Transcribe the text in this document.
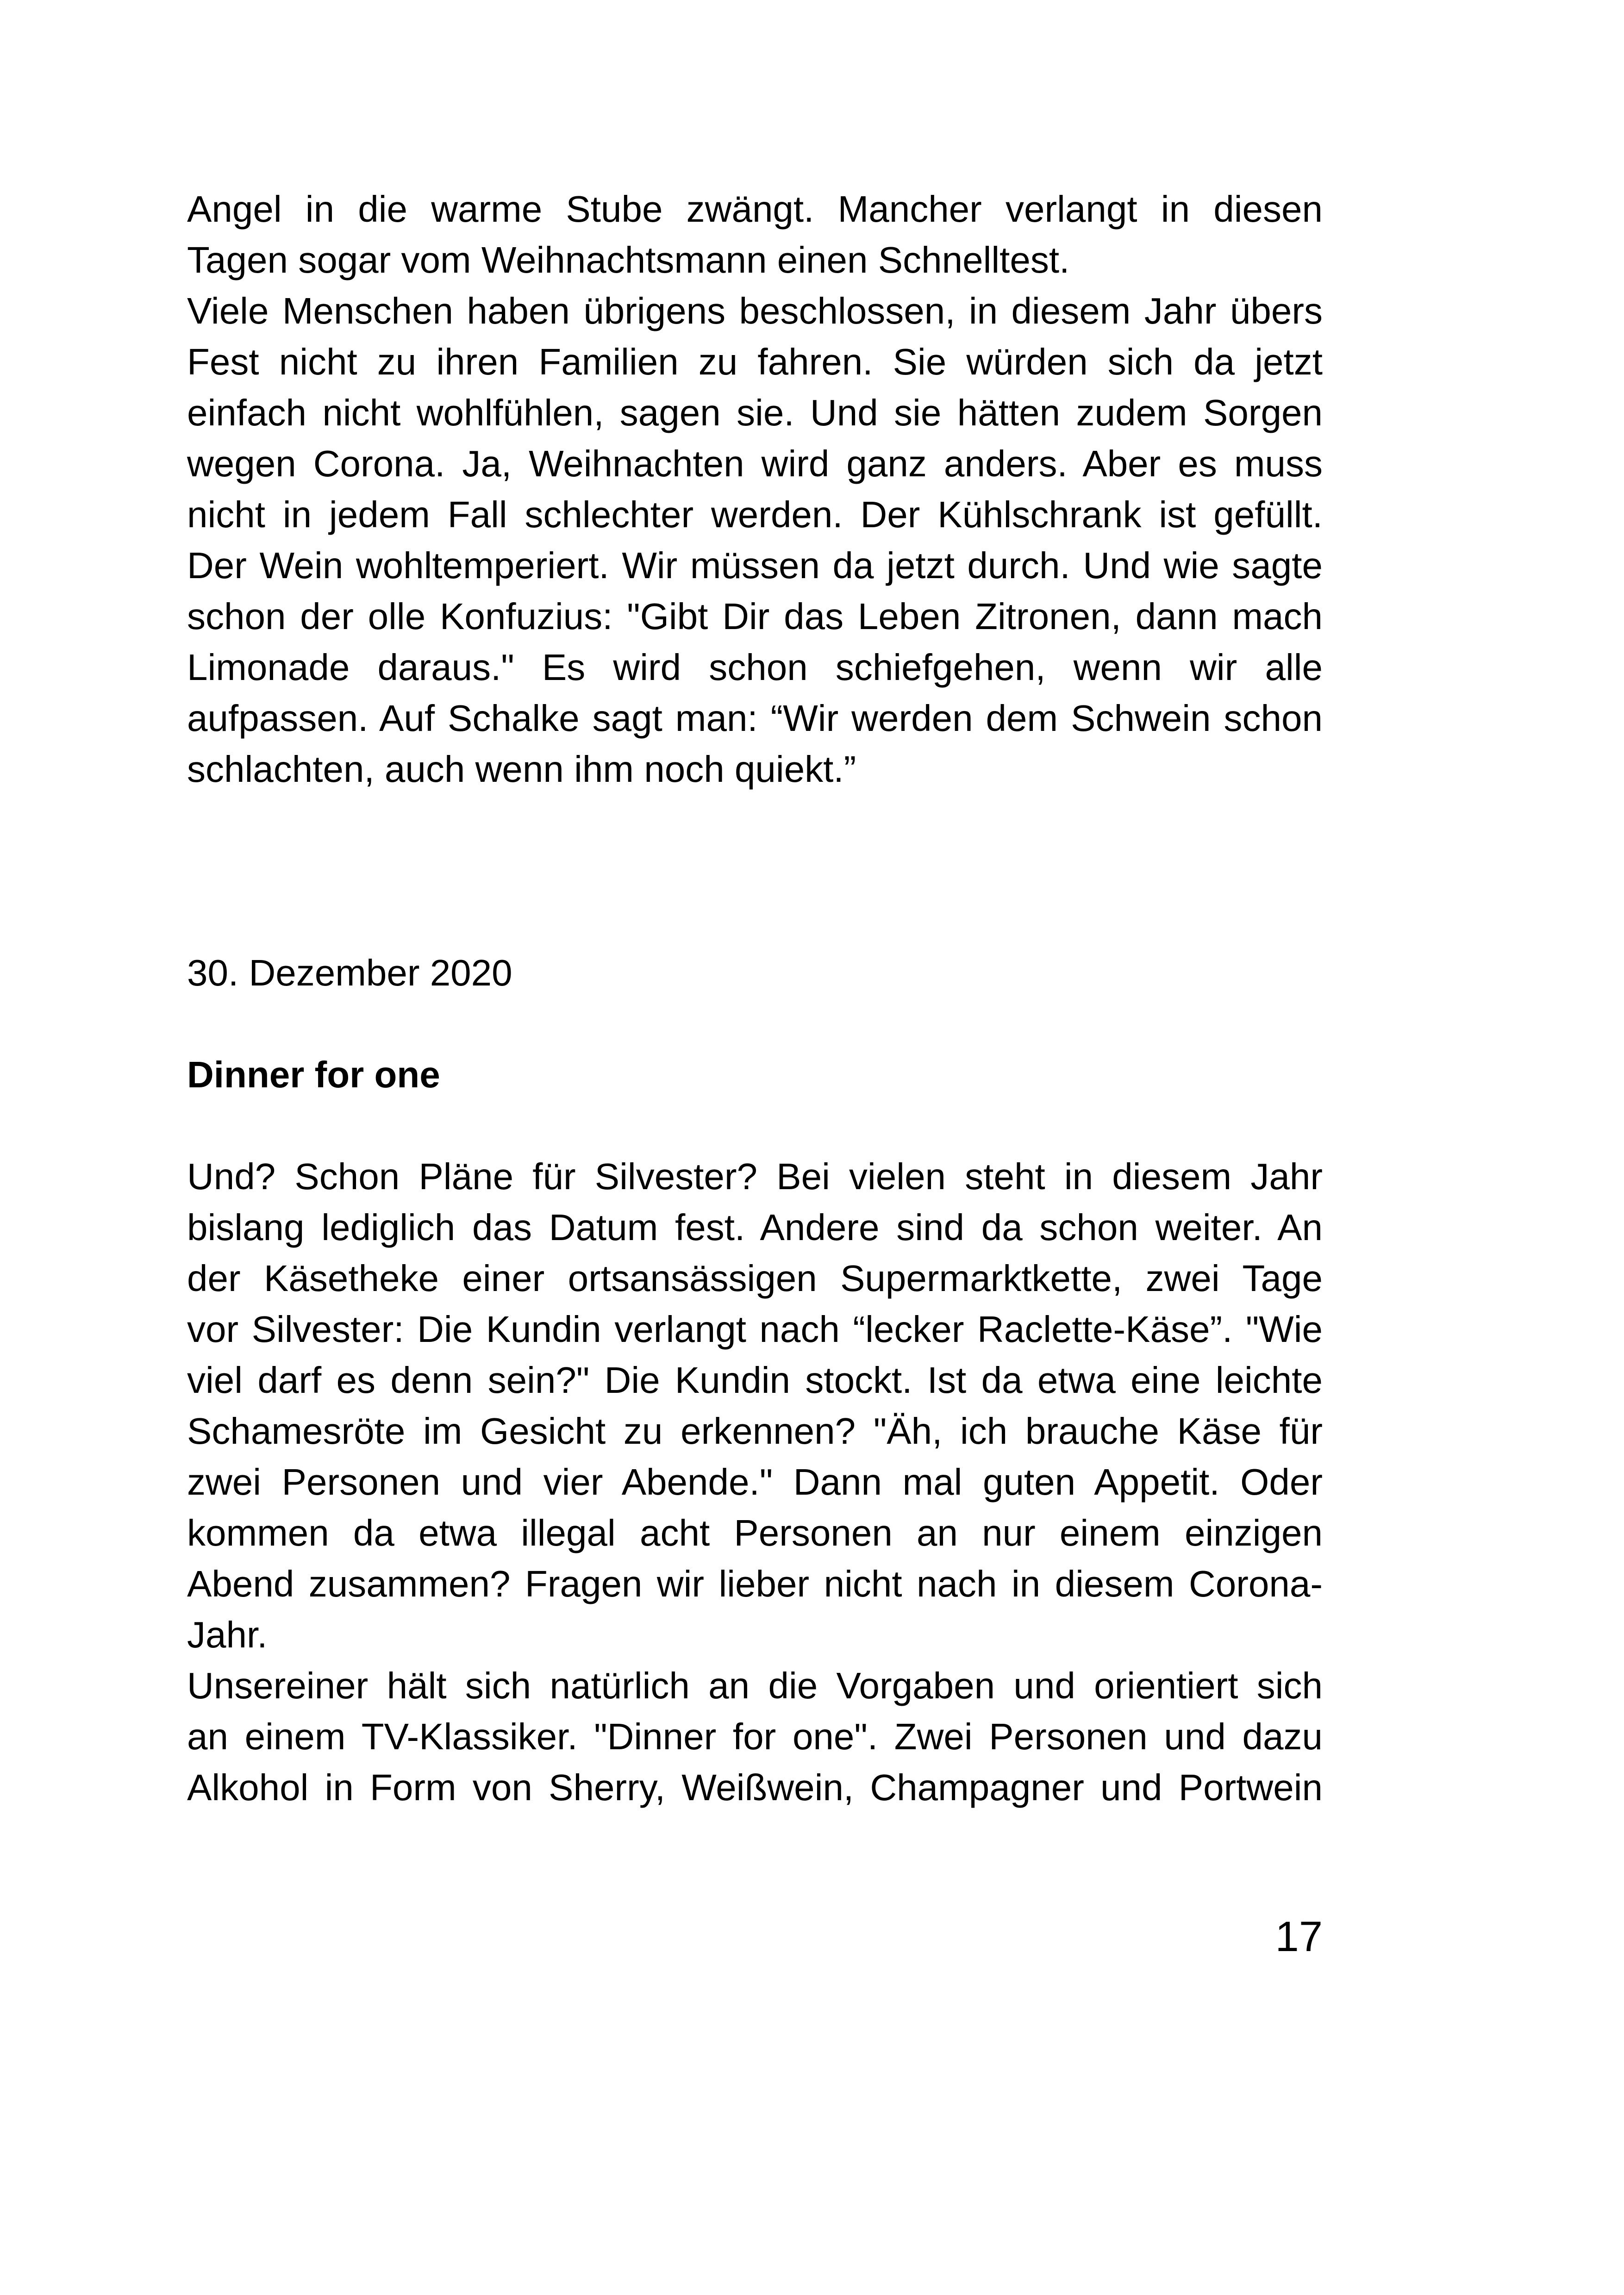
Angel in die warme Stube zwängt. Mancher verlangt in diesen
Tagen sogar vom Weihnachtsmann einen Schnelltest.
Viele Menschen haben übrigens beschlossen, in diesem Jahr übers
Fest nicht zu ihren Familien zu fahren. Sie würden sich da jetzt
einfach nicht wohlfühlen, sagen sie. Und sie hätten zudem Sorgen
wegen Corona. Ja, Weihnachten wird ganz anders. Aber es muss
nicht in jedem Fall schlechter werden. Der Kühlschrank ist gefüllt.
Der Wein wohltemperiert. Wir müssen da jetzt durch. Und wie sagte
schon der olle Konfuzius: "Gibt Dir das Leben Zitronen, dann mach
Limonade daraus." Es wird schon schiefgehen, wenn wir alle
aufpassen. Auf Schalke sagt man: “Wir werden dem Schwein schon
schlachten, auch wenn ihm noch quiekt.”
30. Dezember 2020
Dinner for one
Und? Schon Pläne für Silvester? Bei vielen steht in diesem Jahr
bislang lediglich das Datum fest. Andere sind da schon weiter. An
der Käsetheke einer ortsansässigen Supermarktkette, zwei Tage
vor Silvester: Die Kundin verlangt nach “lecker Raclette-Käse”. "Wie
viel darf es denn sein?" Die Kundin stockt. Ist da etwa eine leichte
Schamesröte im Gesicht zu erkennen? "Äh, ich brauche Käse für
zwei Personen und vier Abende." Dann mal guten Appetit. Oder
kommen da etwa illegal acht Personen an nur einem einzigen
Abend zusammen? Fragen wir lieber nicht nach in diesem Corona-
Jahr.
Unsereiner hält sich natürlich an die Vorgaben und orientiert sich
an einem TV-Klassiker. "Dinner for one". Zwei Personen und dazu
Alkohol in Form von Sherry, Weißwein, Champagner und Portwein
17
